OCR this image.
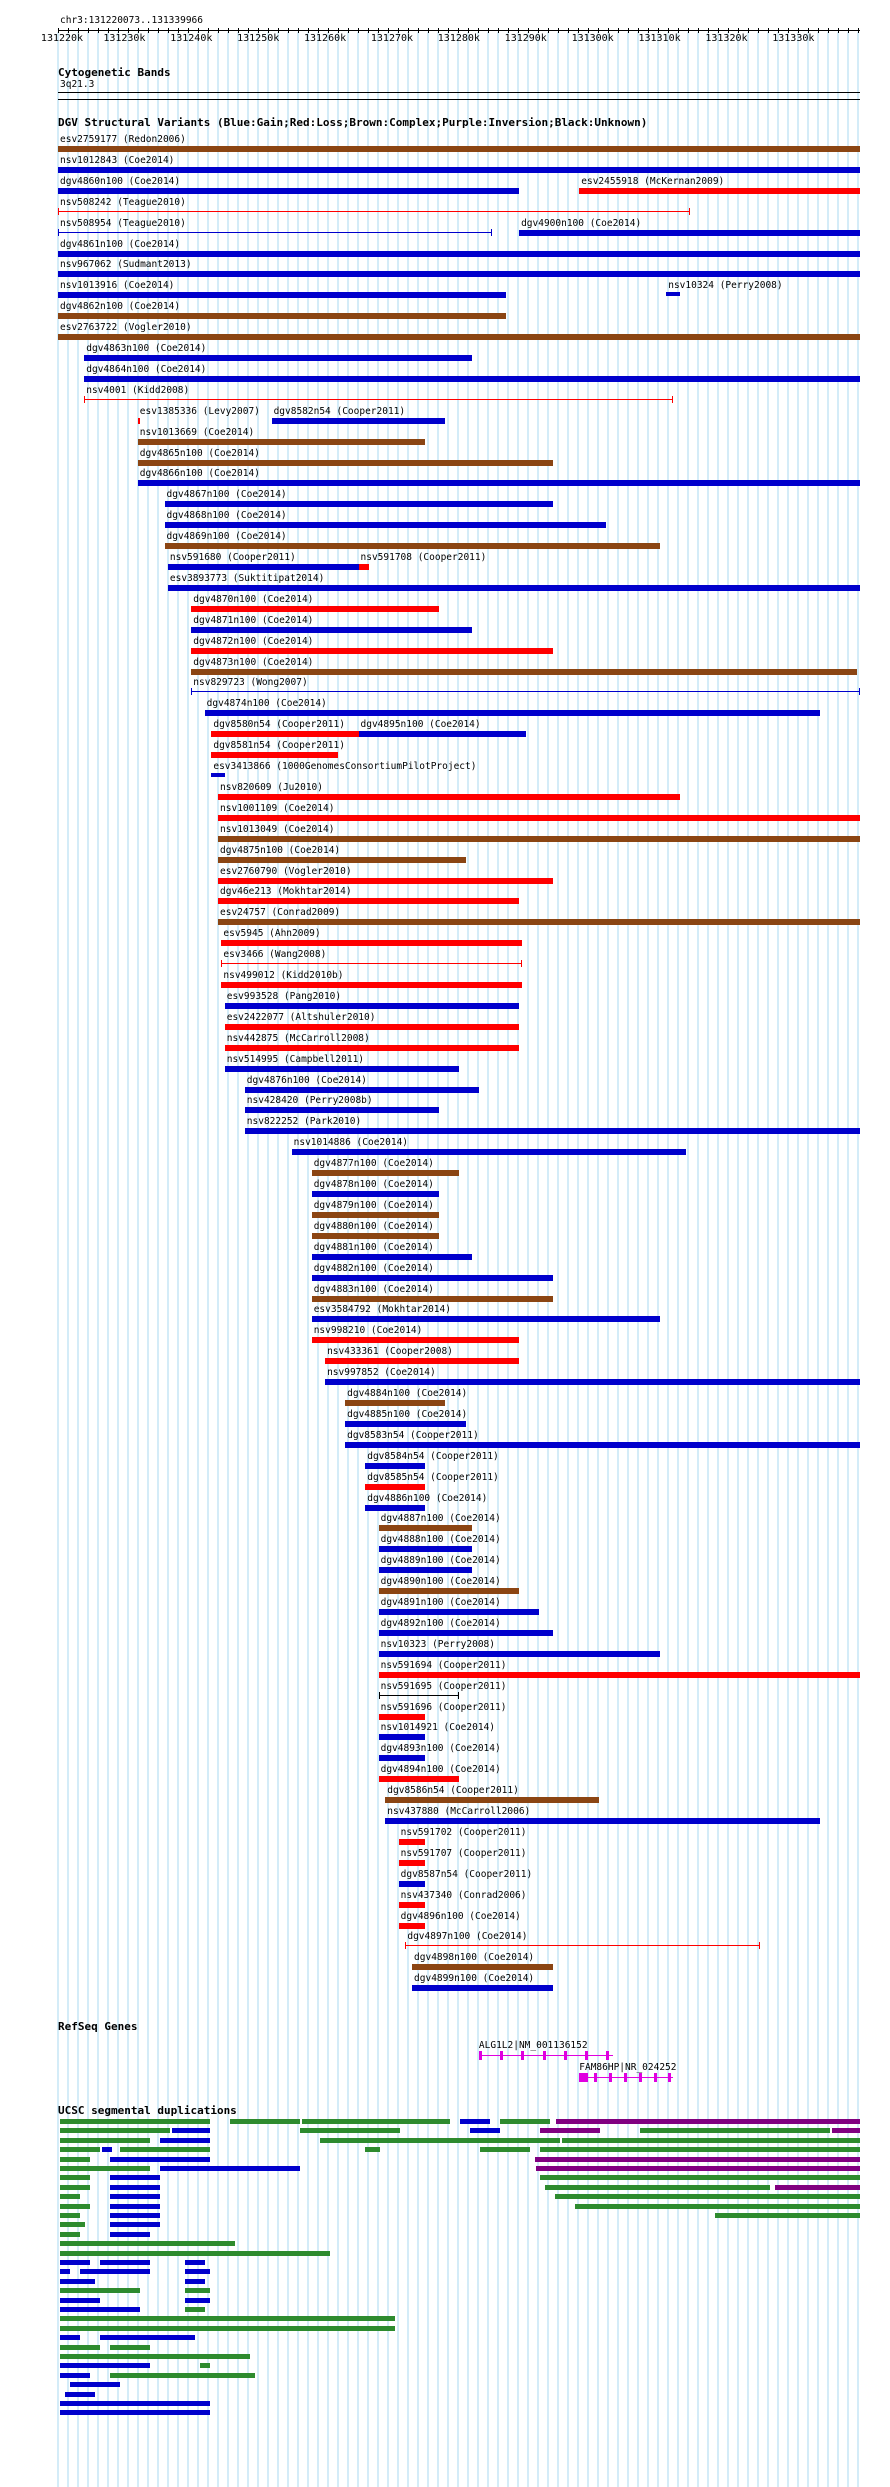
chr3:131220073..131339966
131220k 131230k 131240k 131250k 131260k 131270k 131280k 131290k 131300k 131310k 131320k 131330k
Cytogenetic Bands
3q21.3
DGV Structural Variants (Blue:Gain;Red:Loss;Brown:Complex;Purple:Inversion;Black:Unknown)
esv2759177 (Redon2006)
nsv1012843 (Coe2014)
dgv4860n100 (Coe2014)	esv2455918 (McKernan2009)
nsv508242 (Teague2010)
nsv508954 (Teague2010)	dgv4900n100 (Coe2014)
dgv4861n100 (Coe2014)
nsv967062 (Sudmant2013)
nsv1013916 (Coe2014)	nsv10324 (Perry2008)
dgv4862n100 (Coe2014)
esv2763722 (Vogler2010)
dgv4863n100 (Coe2014)
dgv4864n100 (Coe2014)
nsv4001 (Kidd2008)
esv1385336 (Levy2007) dgv8582n54 (Cooper2011)
nsv1013669 (Coe2014)
dgv4865n100 (Coe2014)
dgv4866n100 (Coe2014)
dgv4867n100 (Coe2014)
dgv4868n100 (Coe2014)
dgv4869n100 (Coe2014)
nsv591680 (Cooper2011)	nsv591708 (Cooper2011)
esv3893773 (Suktitipat2014)
dgv4870n100 (Coe2014)
dgv4871n100 (Coe2014)
dgv4872n100 (Coe2014)
dgv4873n100 (Coe2014)
nsv829723 (Wong2007)
dgv4874n100 (Coe2014)
dgv8580n54 (Cooper2011) dgv4895n100 (Coe2014)
dgv8581n54 (Cooper2011)
esv3413866 (1000GenomesConsortiumPilotProject)
nsv820609 (Ju2010)
nsv1001109 (Coe2014)
nsv1013049 (Coe2014)
dgv4875n100 (Coe2014)
esv2760790 (Vogler2010)
dgv46e213 (Mokhtar2014)
esv24757 (Conrad2009)
esv5945 (Ahn2009)
esv3466 (Wang2008)
nsv499012 (Kidd2010b)
esv993528 (Pang2010)
esv2422077 (Altshuler2010)
nsv442875 (McCarroll2008)
nsv514995 (Campbell2011)
dgv4876n100 (Coe2014)
nsv428420 (Perry2008b)
nsv822252 (Park2010)
nsv1014886 (Coe2014)
dgv4877n100 (Coe2014)
dgv4878n100 (Coe2014)
dgv4879n100 (Coe2014)
dgv4880n100 (Coe2014)
dgv4881n100 (Coe2014)
dgv4882n100 (Coe2014)
dgv4883n100 (Coe2014)
esv3584792 (Mokhtar2014)
nsv998210 (Coe2014)
nsv433361 (Cooper2008)
nsv997852 (Coe2014)
dgv4884n100 (Coe2014)
dgv4885n100 (Coe2014)
dgv8583n54 (Cooper2011)
dgv8584n54 (Cooper2011)
dgv8585n54 (Cooper2011)
dgv4886n100 (Coe2014)
dgv4887n100 (Coe2014)
dgv4888n100 (Coe2014)
dgv4889n100 (Coe2014)
dgv4890n100 (Coe2014)
dgv4891n100 (Coe2014)
dgv4892n100 (Coe2014)
nsv10323 (Perry2008)
nsv591694 (Cooper2011)
nsv591695 (Cooper2011)
nsv591696 (Cooper2011)
nsv1014921 (Coe2014)
dgv4893n100 (Coe2014)
dgv4894n100 (Coe2014)
dgv8586n54 (Cooper2011)
nsv437880 (McCarroll2006)
nsv591702 (Cooper2011)
nsv591707 (Cooper2011)
dgv8587n54 (Cooper2011)
nsv437340 (Conrad2006)
dgv4896n100 (Coe2014)
dgv4897n100 (Coe2014)
dgv4898n100 (Coe2014)
dgv4899n100 (Coe2014)
RefSeq Genes
ALG1L2|NM_001136152
FAM86HP|NR_024252
UCSC segmental duplications
